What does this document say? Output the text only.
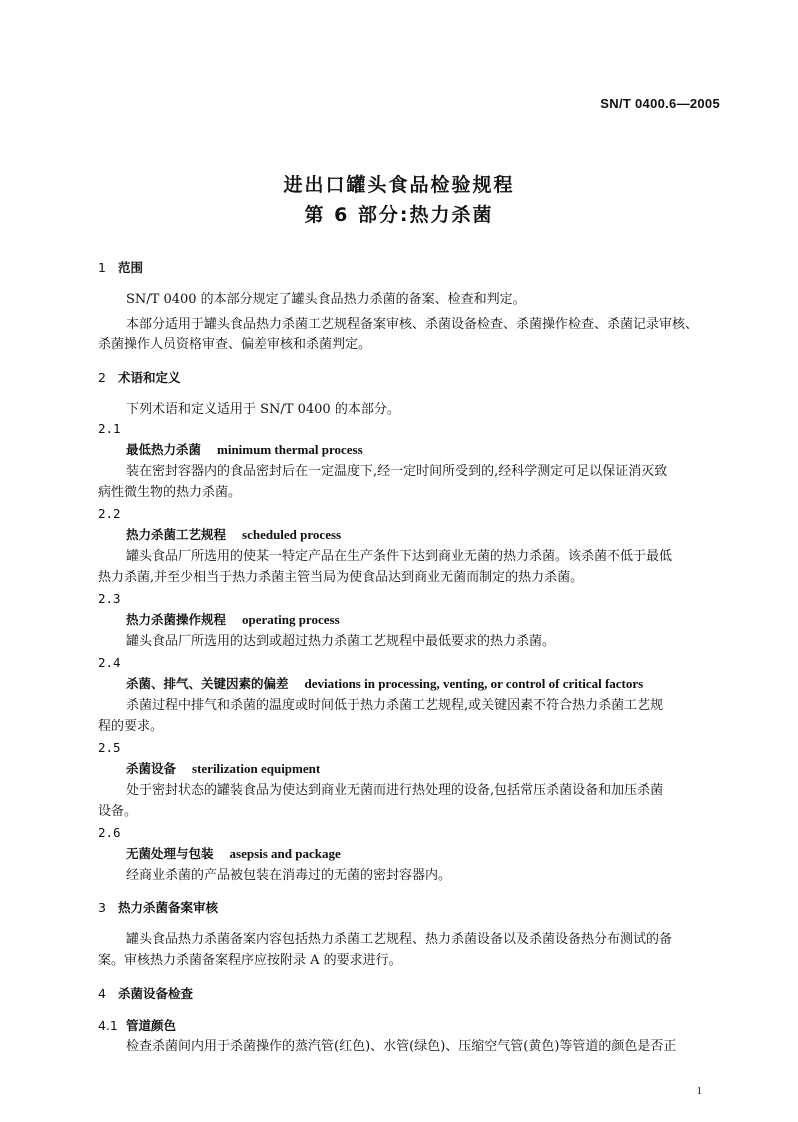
SN/T 0400.6—2005
进出口罐头食品检验规程
第 6 部分:热力杀菌
1 范围
SN/T 0400 的本部分规定了罐头食品热力杀菌的备案、检查和判定。
本部分适用于罐头食品热力杀菌工艺规程备案审核、杀菌设备检查、杀菌操作检查、杀菌记录审核、
杀菌操作人员资格审查、偏差审核和杀菌判定。
2 术语和定义
下列术语和定义适用于 SN/T 0400 的本部分。
2.1
最低热力杀菌 minimum thermal process
装在密封容器内的食品密封后在一定温度下,经一定时间所受到的,经科学测定可足以保证消灭致
病性微生物的热力杀菌。
2.2
热力杀菌工艺规程 scheduled process
罐头食品厂所选用的使某一特定产品在生产条件下达到商业无菌的热力杀菌。该杀菌不低于最低
热力杀菌,并至少相当于热力杀菌主管当局为使食品达到商业无菌而制定的热力杀菌。
2.3
热力杀菌操作规程 operating process
罐头食品厂所选用的达到或超过热力杀菌工艺规程中最低要求的热力杀菌。
2.4
杀菌、排气、关键因素的偏差 deviations in processing, venting, or control of critical factors
杀菌过程中排气和杀菌的温度或时间低于热力杀菌工艺规程,或关键因素不符合热力杀菌工艺规
程的要求。
2.5
杀菌设备 sterilization equipment
处于密封状态的罐装食品为使达到商业无菌而进行热处理的设备,包括常压杀菌设备和加压杀菌
设备。
2.6
无菌处理与包装 asepsis and package
经商业杀菌的产品被包装在消毒过的无菌的密封容器内。
3 热力杀菌备案审核
罐头食品热力杀菌备案内容包括热力杀菌工艺规程、热力杀菌设备以及杀菌设备热分布测试的备
案。审核热力杀菌备案程序应按附录 A 的要求进行。
4 杀菌设备检查
4.1 管道颜色
检查杀菌间内用于杀菌操作的蒸汽管(红色)、水管(绿色)、压缩空气管(黄色)等管道的颜色是否正
1
